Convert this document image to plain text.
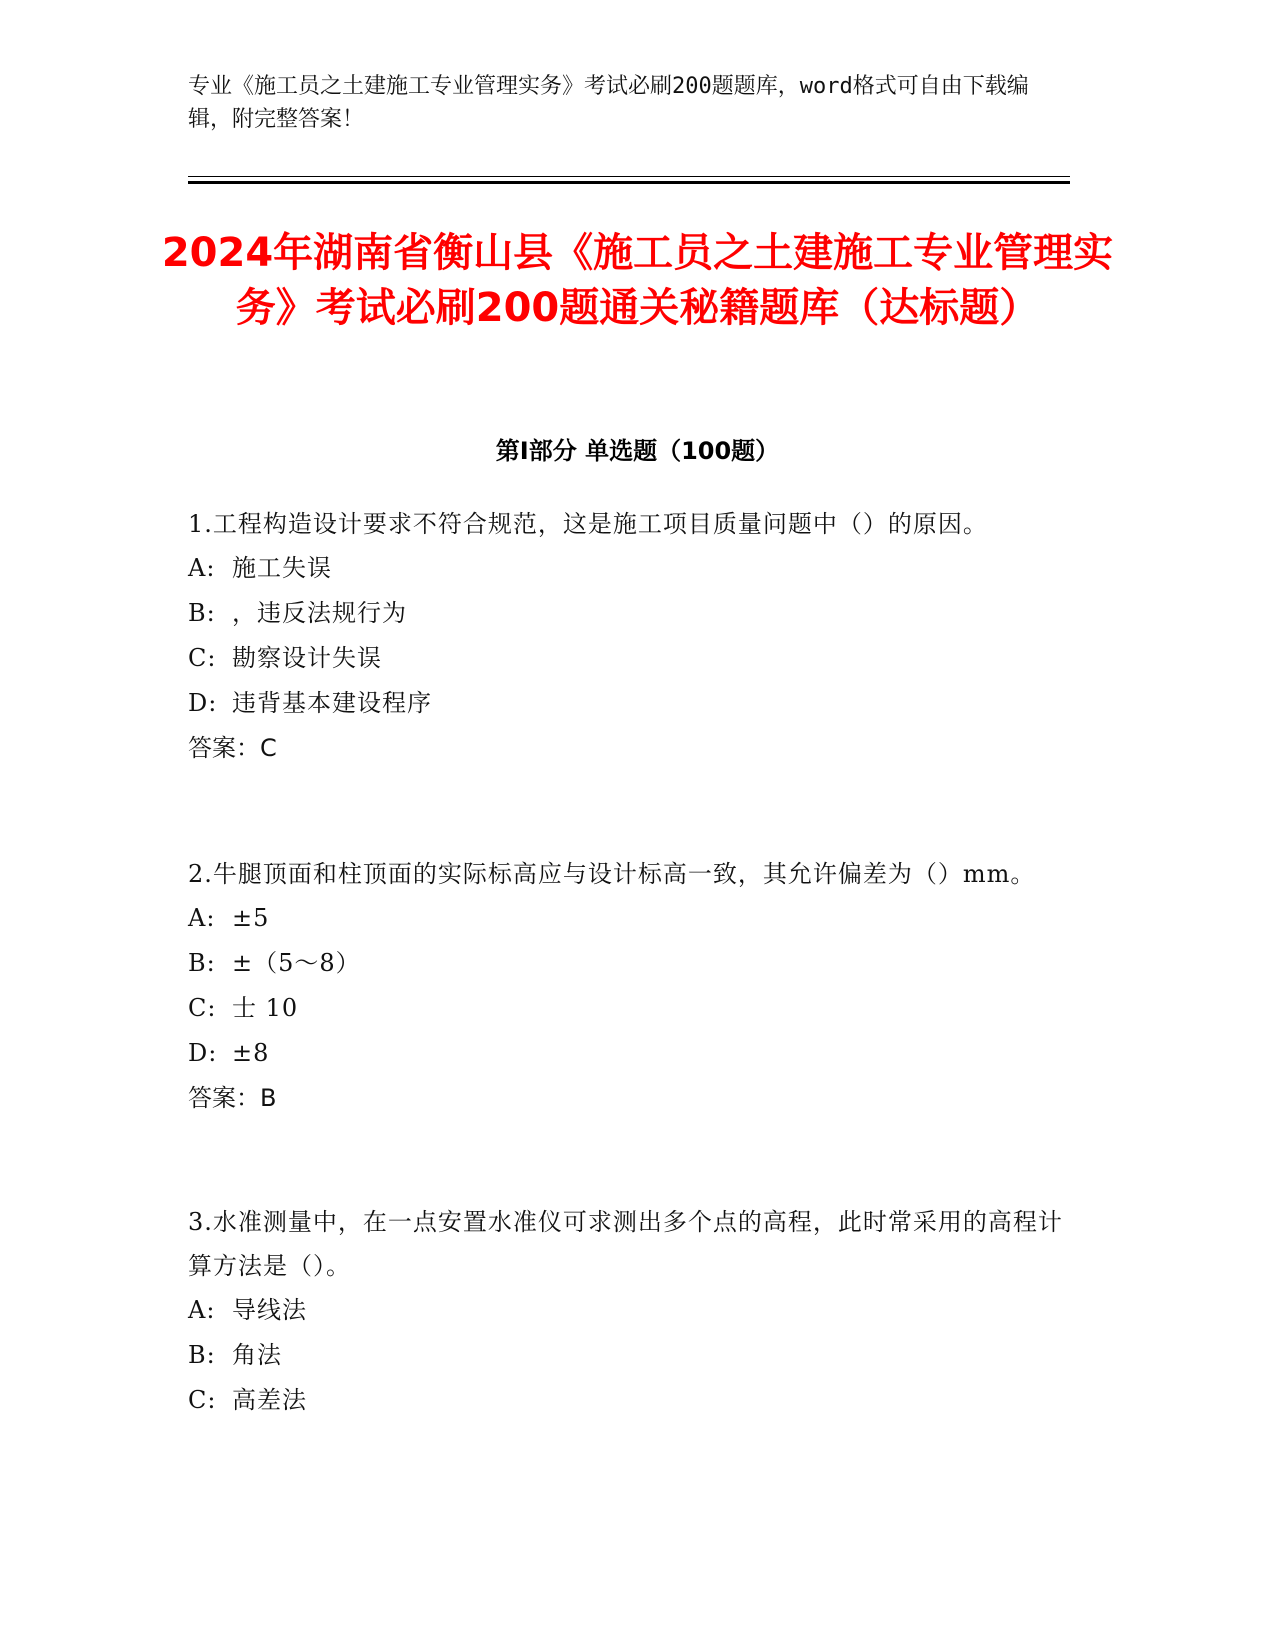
专业《施工员之土建施工专业管理实务》考试必刷200题题库，word格式可自由下载编辑，附完整答案！
2024年湖南省衡山县《施工员之土建施工专业管理实务》考试必刷200题通关秘籍题库（达标题）
第I部分 单选题（100题）
1.工程构造设计要求不符合规范，这是施工项目质量问题中（）的原因。
A: 施工失误
B: ，违反法规行为
C: 勘察设计失误
D: 违背基本建设程序
答案：C
2.牛腿顶面和柱顶面的实际标高应与设计标高一致，其允许偏差为（）mm。
A: ±5
B: ±（5～8）
C: 士 10
D: ±8
答案：B
3.水准测量中，在一点安置水准仪可求测出多个点的高程，此时常采用的高程计算方法是（）。
A: 导线法
B: 角法
C: 高差法
